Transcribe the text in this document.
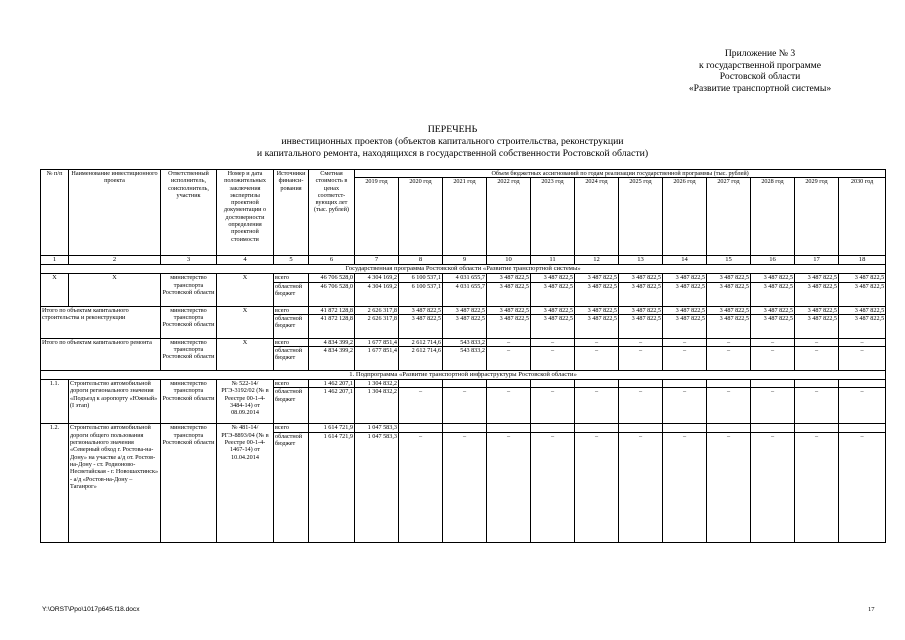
Приложение № 3
к государственной программе
Ростовской области
«Развитие транспортной системы»
ПЕРЕЧЕНЬ
инвестиционных проектов (объектов капитального строительства, реконструкции
и капитального ремонта, находящихся в государственной собственности Ростовской области)
№ п/п	Наименование инвестиционного проекта	Ответственный исполнитель, соисполнитель, участник	Номер и дата положительных заключения экспертизы проектной документации о достоверности определения проектной стоимости	Источники финанси-рования	Сметная стоимость в ценах соответст-вующих лет (тыс. рублей)	Объем бюджетных ассигнований по годам реализации государственной программы (тыс. рублей)											
						2019 год	2020 год	2021 год	2022 год	2023 год	2024 год	2025 год	2026 год	2027 год	2028 год	2029 год	2030 год
1	2	3	4	5	6	7	8	9	10	11	12	13	14	15	16	17	18
Государственная программа Ростовской области «Развитие транспортной системы»																	
X	X	министерство транспорта Ростовской области	X	всего	46 706 528,0	4 304 169,2	6 100 537,1	4 031 655,7	3 487 822,5	3 487 822,5	3 487 822,5	3 487 822,5	3 487 822,5	3 487 822,5	3 487 822,5	3 487 822,5	3 487 822,5
				областной бюджет	46 706 528,0	4 304 169,2	6 100 537,1	4 031 655,7	3 487 822,5	3 487 822,5	3 487 822,5	3 487 822,5	3 487 822,5	3 487 822,5	3 487 822,5	3 487 822,5	3 487 822,5
Итого по объектам капитального строительства и реконструкции		министерство транспорта Ростовской области	X	всего	41 872 128,8	2 626 317,8	3 487 822,5	3 487 822,5	3 487 822,5	3 487 822,5	3 487 822,5	3 487 822,5	3 487 822,5	3 487 822,5	3 487 822,5	3 487 822,5	3 487 822,5
				областной бюджет	41 872 128,8	2 626 317,8	3 487 822,5	3 487 822,5	3 487 822,5	3 487 822,5	3 487 822,5	3 487 822,5	3 487 822,5	3 487 822,5	3 487 822,5	3 487 822,5	3 487 822,5
Итого по объектам капитального ремонта		министерство транспорта Ростовской области	X	всего	4 834 399,2	1 677 851,4	2 612 714,6	543 833,2	–	–	–	–	–	–	–	–	–
				областной бюджет	4 834 399,2	1 677 851,4	2 612 714,6	543 833,2	–	–	–	–	–	–	–	–	–
1. Подпрограмма «Развитие транспортной инфраструктуры Ростовской области»																	
1.1.	Строительство автомобильной дороги регионального значения «Подъезд к аэропорту «Южный» (I этап)	министерство транспорта Ростовской области	№ 522-14/РГЭ-3192/02 (№ в Реестре 00-1-4-3484-14) от 08.09.2014	всего	1 462 207,1	1 304 832,2											
				областной бюджет	1 462 207,1	1 304 832,2	–	–	–	–	–	–	–	–	–	–	–
1.2.	Строительство автомобильной дороги общего пользования регионального значения «Северный обход г. Ростова-на-Дону» на участке а/д от. Ростов-на-Дону - ст. Родионово-Несветайская - г. Новошахтинск» - а/д «Ростов-на-Дону – Таганрог»	министерство транспорта Ростовской области	№ 481-14/РГЭ-8893/04 (№ в Реестре 00-1-4-1467-14) от 10.04.2014	всего	1 614 721,9	1 047 583,3											
				областной бюджет	1 614 721,9	1 047 583,3	–	–	–	–	–	–	–	–	–	–	–
Y:\ORST\Ppo\1017p645.f18.docx	17
